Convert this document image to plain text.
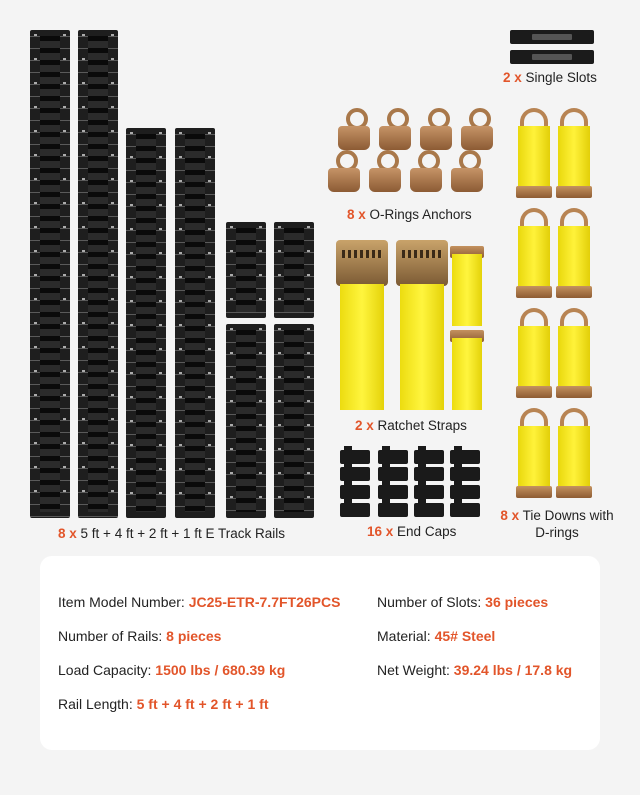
8 x 5 ft + 4 ft + 2 ft + 1 ft E Track Rails
2 x Single Slots
8 x O-Rings Anchors
2 x Ratchet Straps
16 x End Caps
8 x Tie Downs with
D-rings
Item Model Number: JC25-ETR-7.7FT26PCS	Number of Slots: 36 pieces
Number of Rails: 8 pieces	Material: 45# Steel
Load Capacity: 1500 lbs / 680.39 kg	Net Weight: 39.24 lbs / 17.8 kg
Rail Length: 5 ft + 4 ft + 2 ft + 1 ft
